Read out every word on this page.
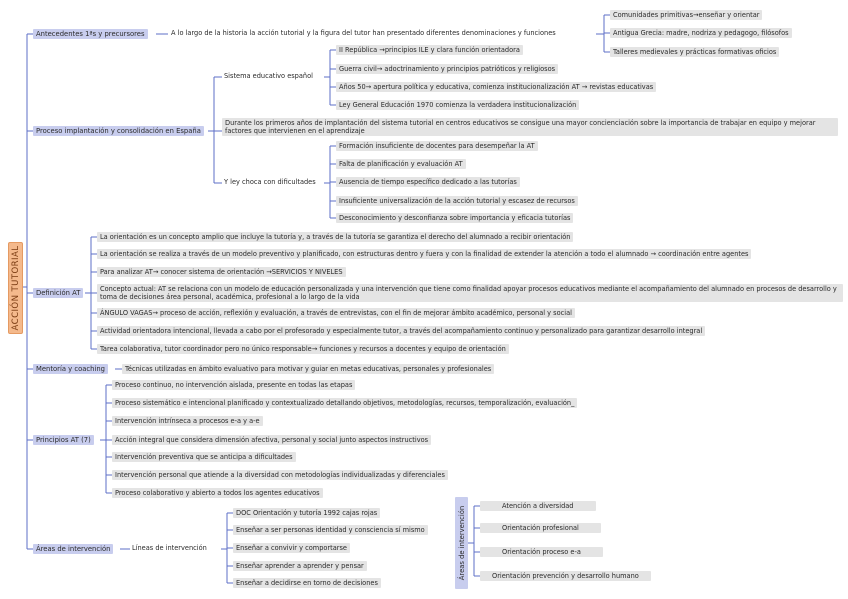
ACCIÓN TUTORIAL
Antecedentes 1ªs y precursores	A lo largo de la historia la acción tutorial y la figura del tutor han presentado diferentes denominaciones y funciones
Comunidades primitivas→enseñar y orientar
Antigua Grecia: madre, nodriza y pedagogo, filósofos
Talleres medievales y prácticas formativas oficios
Proceso implantación y consolidación en España
Sistema educativo español
II República →principios ILE y clara función orientadora
Guerra civil→ adoctrinamiento y principios patrióticos y religiosos
Años 50→ apertura política y educativa, comienza institucionalización AT → revistas educativas
Ley General Educación 1970 comienza la verdadera institucionalización
Durante los primeros años de implantación del sistema tutorial en centros educativos se consigue una mayor concienciación sobre la importancia de trabajar en equipo y mejorar factores que intervienen en el aprendizaje
Y ley choca con dificultades
Formación insuficiente de docentes para desempeñar la AT
Falta de planificación y evaluación AT
Ausencia de tiempo específico dedicado a las tutorías
Insuficiente universalización de la acción tutorial y escasez de recursos
Desconocimiento y desconfianza sobre importancia y eficacia tutorías
Definición AT
La orientación es un concepto amplio que incluye la tutoría y, a través de la tutoría se garantiza el derecho del alumnado a recibir orientación
La orientación se realiza a través de un modelo preventivo y planificado, con estructuras dentro y fuera y con la finalidad de extender la atención a todo el alumnado → coordinación entre agentes
Para analizar AT→ conocer sistema de orientación →SERVICIOS Y NIVELES
Concepto actual: AT se relaciona con un modelo de educación personalizada y una intervención que tiene como finalidad apoyar procesos educativos mediante el acompañamiento del alumnado en procesos de desarrollo y toma de decisiones área personal, académica, profesional a lo largo de la vida
ÁNGULO VAGAS→ proceso de acción, reflexión y evaluación, a través de entrevistas, con el fin de mejorar ámbito académico, personal y social
Actividad orientadora intencional, llevada a cabo por el profesorado y especialmente tutor, a través del acompañamiento continuo y personalizado para garantizar desarrollo integral
Tarea colaborativa, tutor coordinador pero no único responsable→ funciones y recursos a docentes y equipo de orientación
Mentoría y coaching	Técnicas utilizadas en ámbito evaluativo para motivar y guiar en metas educativas, personales y profesionales
Principios AT (7)
Proceso continuo, no intervención aislada, presente en todas las etapas
Proceso sistemático e intencional planificado y contextualizado detallando objetivos, metodologías, recursos, temporalización, evaluación_
Intervención intrínseca a procesos e-a y a-e
Acción integral que considera dimensión afectiva, personal y social junto aspectos instructivos
Intervención preventiva que se anticipa a dificultades
Intervención personal que atiende a la diversidad con metodologías individualizadas y diferenciales
Proceso colaborativo y abierto a todos los agentes educativos
Áreas de intervención	Líneas de intervención
DOC Orientación y tutoría 1992 cajas rojas
Enseñar a ser personas identidad y consciencia sí mismo
Enseñar a convivir y comportarse
Enseñar aprender a aprender y pensar
Enseñar a decidirse en torno de decisiones
Áreas de intervención	Atención a diversidad
Orientación profesional
Orientación proceso e-a
Orientación prevención y desarrollo humano
